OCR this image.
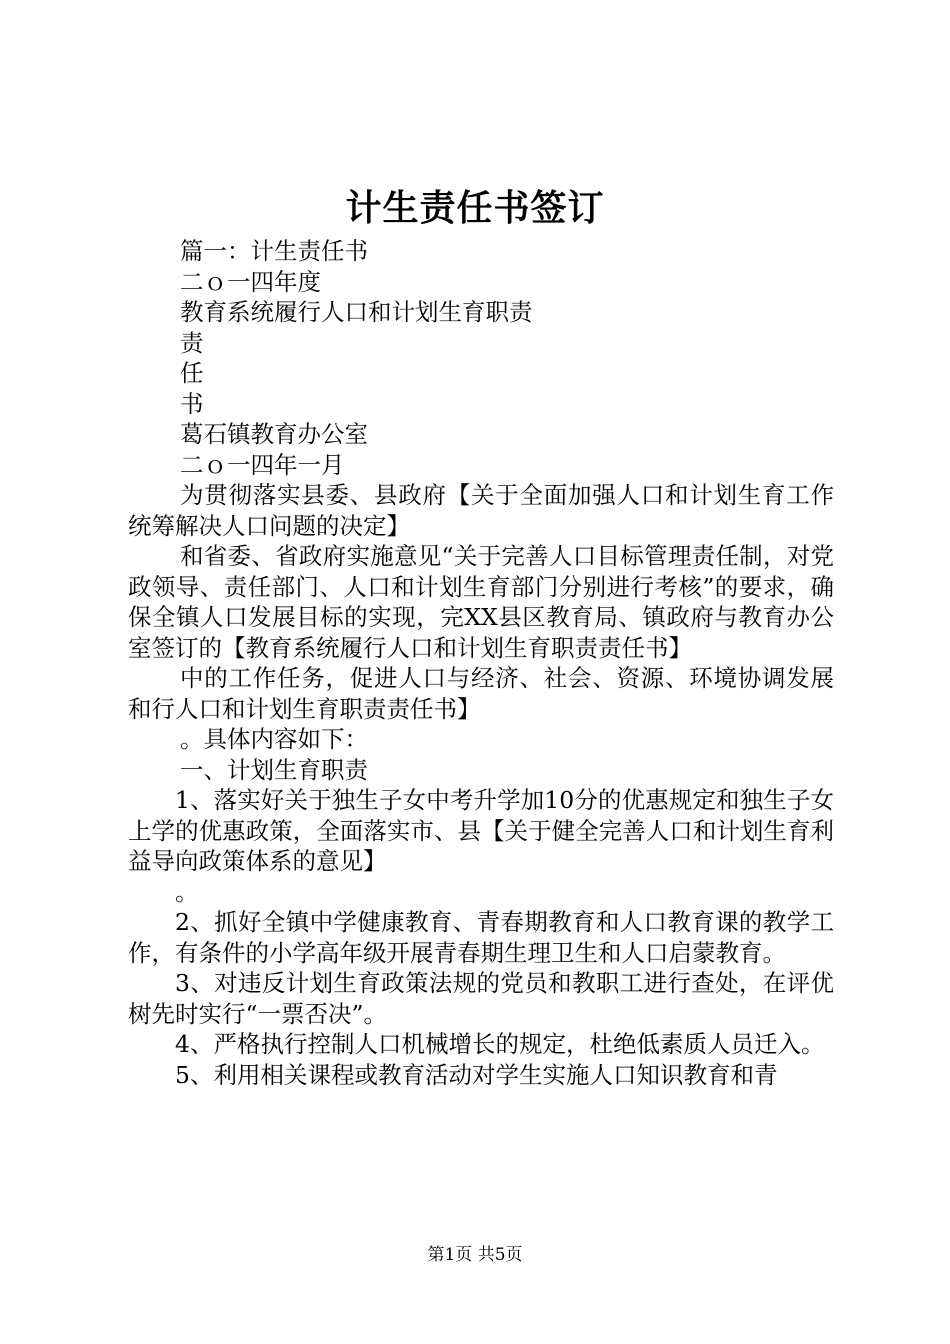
计生责任书签订

篇一：计生责任书

二ｏ一四年度

教育系统履行人口和计划生育职责

责

任

书

葛石镇教育办公室

二ｏ一四年一月

为贯彻落实县委、县政府【关于全面加强人口和计划生育工作统筹解决人口问题的决定】

和省委、省政府实施意见“关于完善人口目标管理责任制，对党政领导、责任部门、人口和计划生育部门分别进行考核”的要求，确保全镇人口发展目标的实现，完XX县区教育局、镇政府与教育办公室签订的【教育系统履行人口和计划生育职责责任书】

中的工作任务，促进人口与经济、社会、资源、环境协调发展和行人口和计划生育职责责任书】

。具体内容如下：

一、计划生育职责

1、落实好关于独生子女中考升学加10分的优惠规定和独生子女上学的优惠政策，全面落实市、县【关于健全完善人口和计划生育利益导向政策体系的意见】

。

2、抓好全镇中学健康教育、青春期教育和人口教育课的教学工作，有条件的小学高年级开展青春期生理卫生和人口启蒙教育。

3、对违反计划生育政策法规的党员和教职工进行查处，在评优树先时实行“一票否决”。

4、严格执行控制人口机械增长的规定，杜绝低素质人员迁入。

5、利用相关课程或教育活动对学生实施人口知识教育和青

第1页 共5页
